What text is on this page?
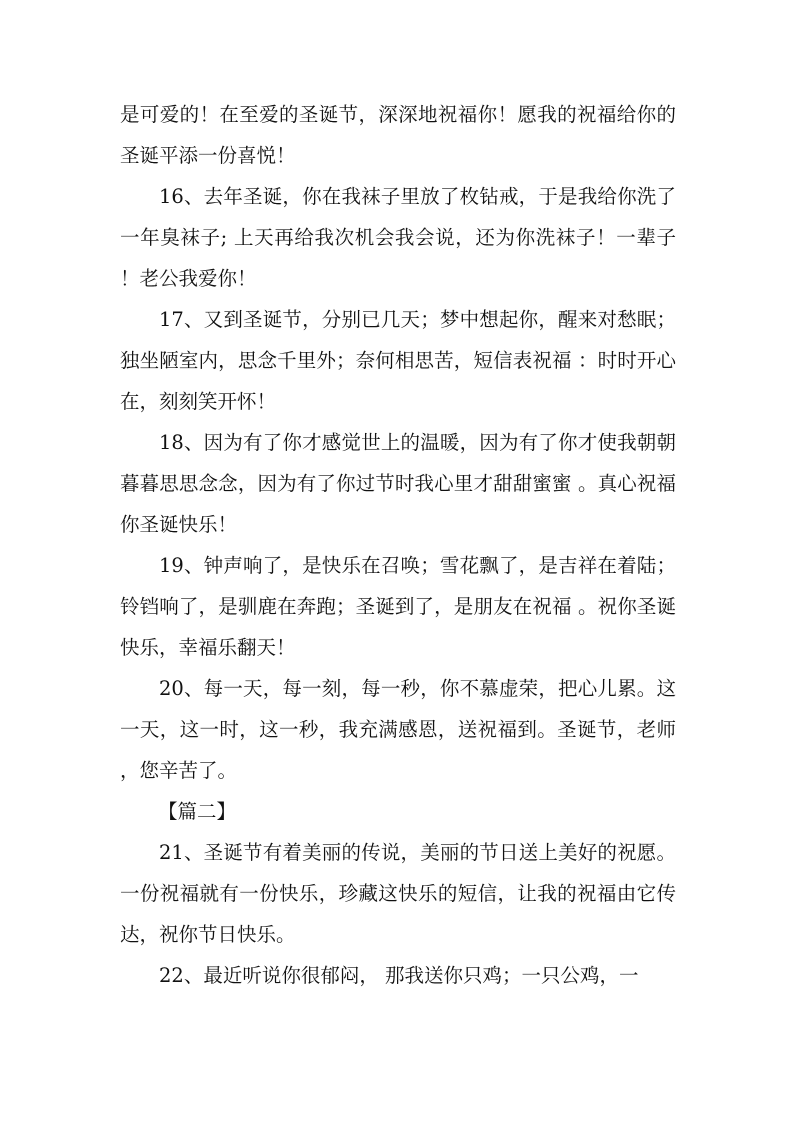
是可爱的！在至爱的圣诞节，深深地祝福你！愿我的祝福给你的圣诞平添一份喜悦！

16、去年圣诞，你在我袜子里放了枚钻戒，于是我给你洗了一年臭袜子; 上天再给我次机会我会说，还为你洗袜子！一辈子！老公我爱你！

17、又到圣诞节，分别已几天；梦中想起你，醒来对愁眠；独坐陋室内，思念千里外；奈何相思苦，短信表祝福 ：时时开心在，刻刻笑开怀！

18、因为有了你才感觉世上的温暖，因为有了你才使我朝朝暮暮思思念念，因为有了你过节时我心里才甜甜蜜蜜 。真心祝福你圣诞快乐！

19、钟声响了，是快乐在召唤；雪花飘了，是吉祥在着陆；铃铛响了，是驯鹿在奔跑；圣诞到了，是朋友在祝福 。祝你圣诞快乐，幸福乐翻天！

20、每一天，每一刻，每一秒，你不慕虚荣，把心儿累。这一天，这一时，这一秒，我充满感恩，送祝福到。圣诞节，老师，您辛苦了。

【篇二】

21、圣诞节有着美丽的传说，美丽的节日送上美好的祝愿。一份祝福就有一份快乐，珍藏这快乐的短信，让我的祝福由它传达，祝你节日快乐。

22、最近听说你很郁闷， 那我送你只鸡；一只公鸡，一
